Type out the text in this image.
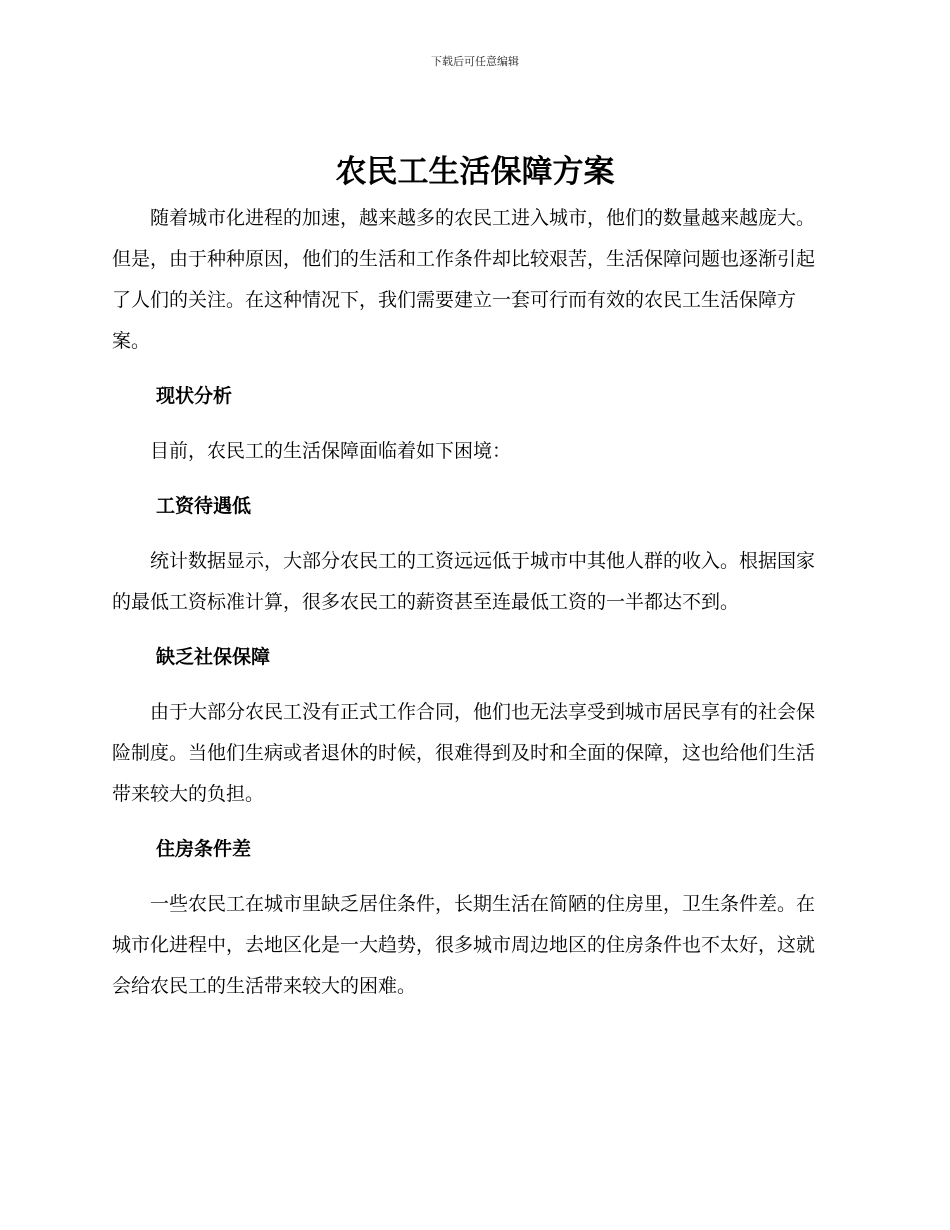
下载后可任意编辑
农民工生活保障方案

随着城市化进程的加速，越来越多的农民工进入城市，他们的数量越来越庞大。但是，由于种种原因，他们的生活和工作条件却比较艰苦，生活保障问题也逐渐引起了人们的关注。在这种情况下，我们需要建立一套可行而有效的农民工生活保障方案。

现状分析

目前，农民工的生活保障面临着如下困境：

工资待遇低

统计数据显示，大部分农民工的工资远远低于城市中其他人群的收入。根据国家的最低工资标准计算，很多农民工的薪资甚至连最低工资的一半都达不到。

缺乏社保保障

由于大部分农民工没有正式工作合同，他们也无法享受到城市居民享有的社会保险制度。当他们生病或者退休的时候，很难得到及时和全面的保障，这也给他们生活带来较大的负担。

住房条件差

一些农民工在城市里缺乏居住条件，长期生活在简陋的住房里，卫生条件差。在城市化进程中，去地区化是一大趋势，很多城市周边地区的住房条件也不太好，这就会给农民工的生活带来较大的困难。
